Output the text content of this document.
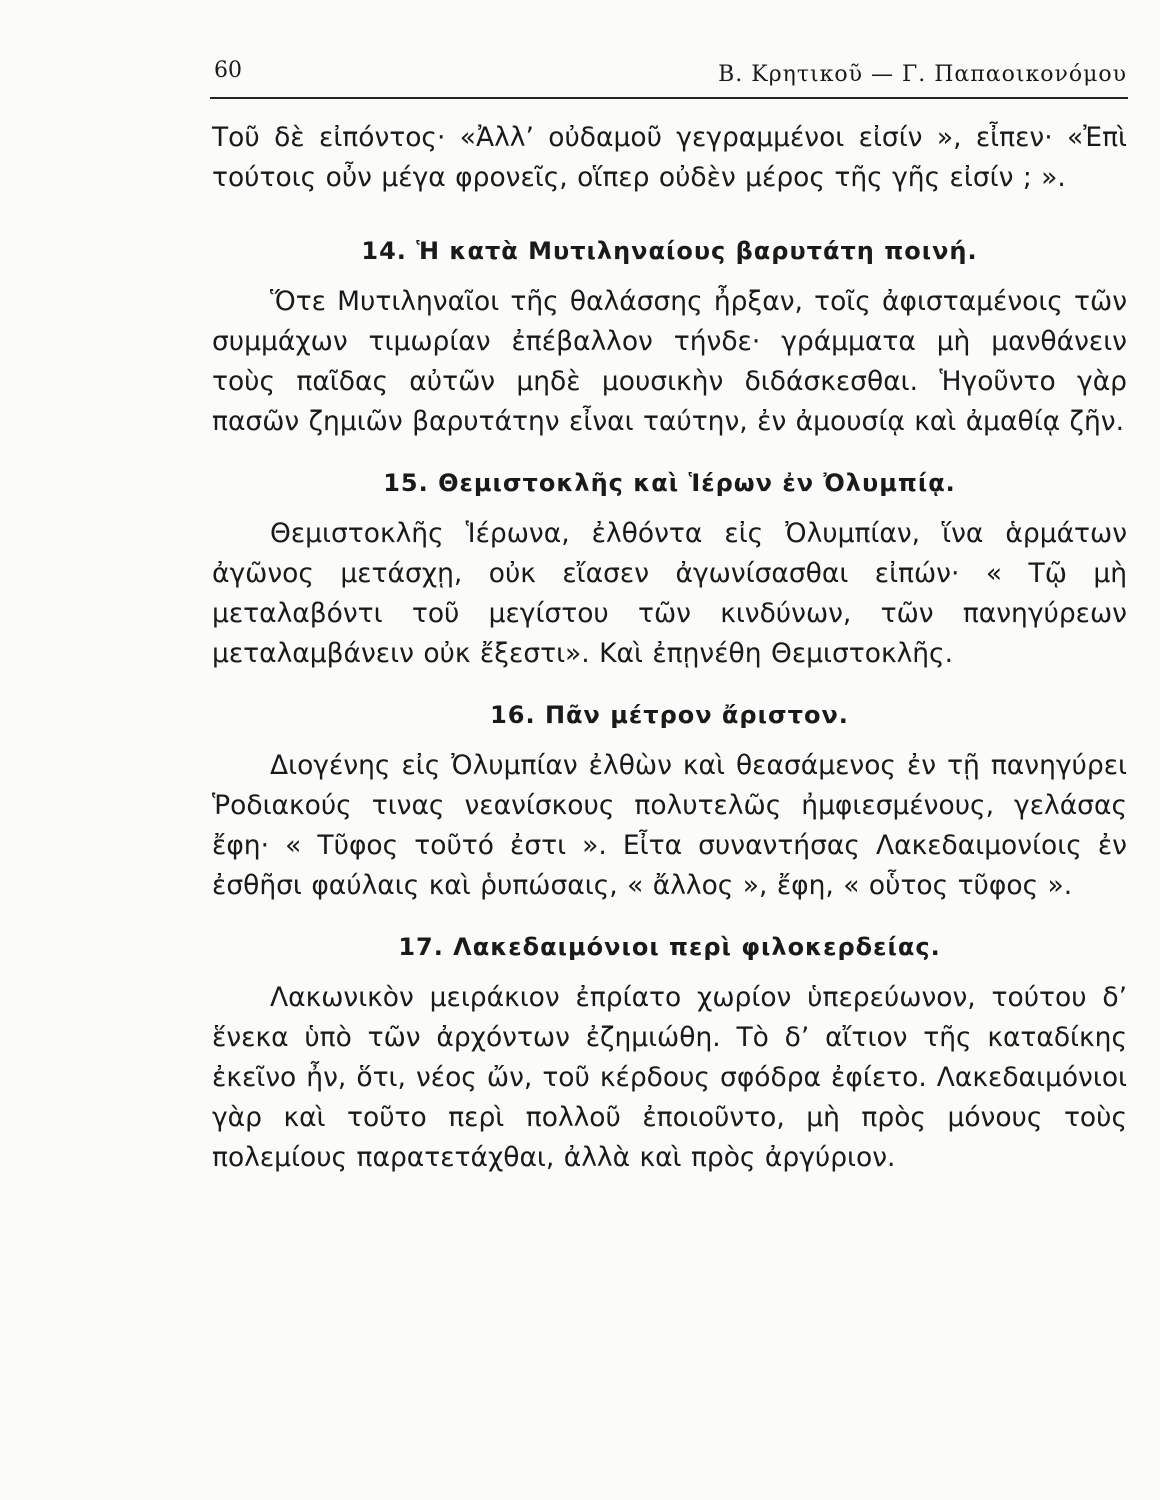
60	Β. Κρητικοῦ — Γ. Παπαοικονόμου

Τοῦ δὲ εἰπόντος· «Ἀλλ’ οὐδαμοῦ γεγραμμένοι εἰσίν », εἶπεν· «Ἐπὶ τούτοις οὖν μέγα φρονεῖς, οἵπερ οὐδὲν μέρος τῆς γῆς εἰσίν ; ».

14. Ἡ κατὰ Μυτιληναίους βαρυτάτη ποινή.

Ὅτε Μυτιληναῖοι τῆς θαλάσσης ἦρξαν, τοῖς ἀφισταμένοις τῶν συμμάχων τιμωρίαν ἐπέβαλλον τήνδε· γράμματα μὴ μανθάνειν τοὺς παῖδας αὐτῶν μηδὲ μουσικὴν διδάσκεσθαι. Ἡγοῦντο γὰρ πασῶν ζημιῶν βαρυτάτην εἶναι ταύτην, ἐν ἀμουσίᾳ καὶ ἀμαθίᾳ ζῆν.

15. Θεμιστοκλῆς καὶ Ἱέρων ἐν Ὀλυμπίᾳ.

Θεμιστοκλῆς Ἱέρωνα, ἐλθόντα εἰς Ὀλυμπίαν, ἵνα ἁρμάτων ἀγῶνος μετάσχῃ, οὐκ εἴασεν ἀγωνίσασθαι εἰπών· « Τῷ μὴ μεταλαβόντι τοῦ μεγίστου τῶν κινδύνων, τῶν πανηγύρεων μεταλαμβάνειν οὐκ ἔξεστι». Καὶ ἐπῃνέθη Θεμιστοκλῆς.

16. Πᾶν μέτρον ἄριστον.

Διογένης εἰς Ὀλυμπίαν ἐλθὼν καὶ θεασάμενος ἐν τῇ πανηγύρει Ῥοδιακούς τινας νεανίσκους πολυτελῶς ἠμφιεσμένους, γελάσας ἔφη· « Τῦφος τοῦτό ἐστι ». Εἶτα συναντήσας Λακεδαιμονίοις ἐν ἐσθῆσι φαύλαις καὶ ῥυπώσαις, « ἄλλος », ἔφη, « οὗτος τῦφος ».

17. Λακεδαιμόνιοι περὶ φιλοκερδείας.

Λακωνικὸν μειράκιον ἐπρίατο χωρίον ὑπερεύωνον, τούτου δ’ ἕνεκα ὑπὸ τῶν ἀρχόντων ἐζημιώθη. Τὸ δ’ αἴτιον τῆς καταδίκης ἐκεῖνο ἦν, ὅτι, νέος ὤν, τοῦ κέρδους σφόδρα ἐφίετο. Λακεδαιμόνιοι γὰρ καὶ τοῦτο περὶ πολλοῦ ἐποιοῦντο, μὴ πρὸς μόνους τοὺς πολεμίους παρατετάχθαι, ἀλλὰ καὶ πρὸς ἀργύριον.
